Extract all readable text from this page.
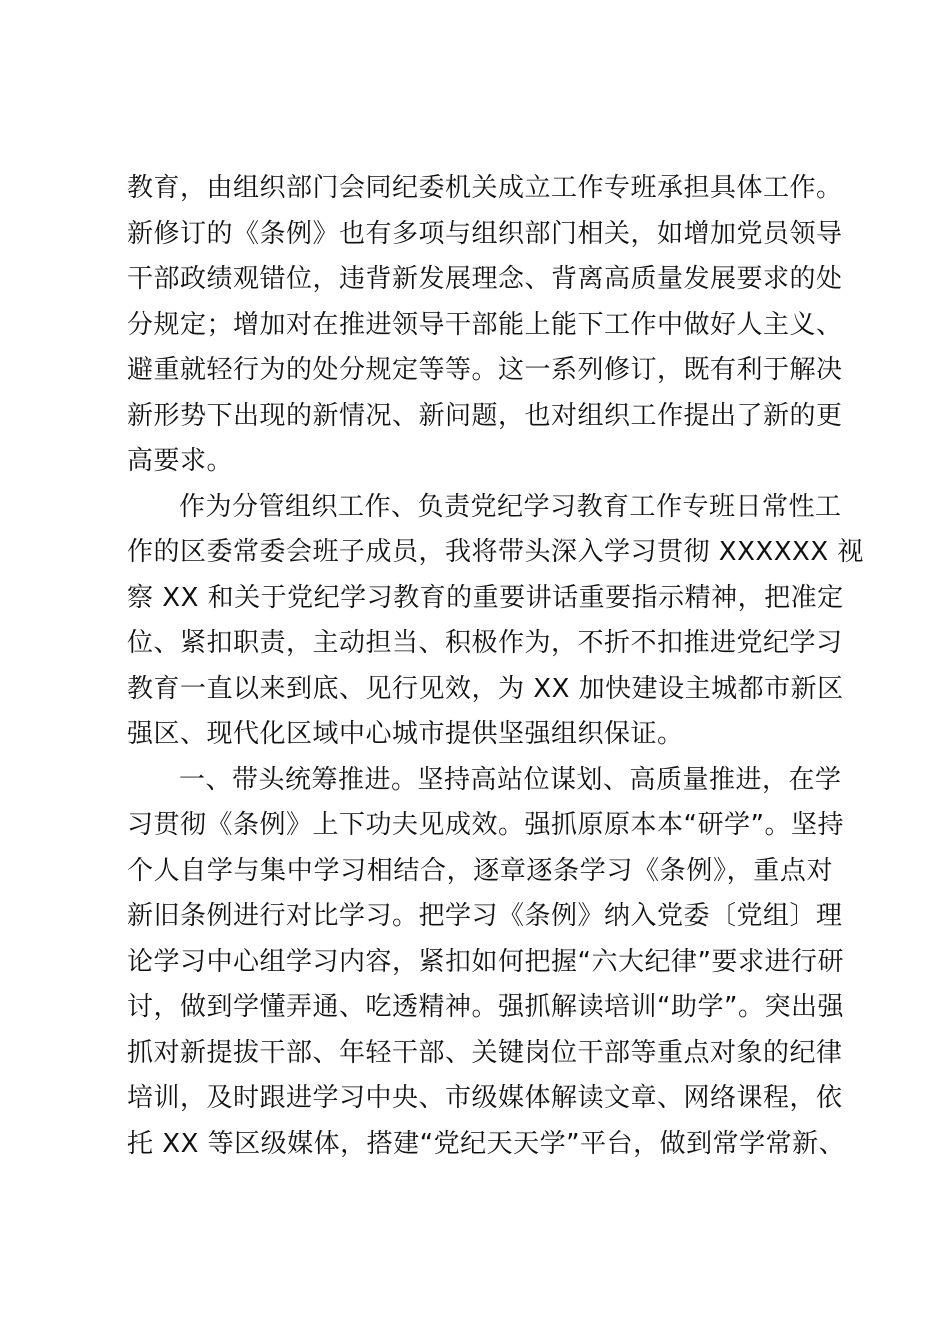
教育，由组织部门会同纪委机关成立工作专班承担具体工作。
新修订的《条例》也有多项与组织部门相关，如增加党员领导
干部政绩观错位，违背新发展理念、背离高质量发展要求的处
分规定；增加对在推进领导干部能上能下工作中做好人主义、
避重就轻行为的处分规定等等。这一系列修订，既有利于解决
新形势下出现的新情况、新问题，也对组织工作提出了新的更
高要求。

作为分管组织工作、负责党纪学习教育工作专班日常性工
作的区委常委会班子成员，我将带头深入学习贯彻 XXXXXX 视
察 XX 和关于党纪学习教育的重要讲话重要指示精神，把准定
位、紧扣职责，主动担当、积极作为，不折不扣推进党纪学习
教育一直以来到底、见行见效，为 XX 加快建设主城都市新区
强区、现代化区域中心城市提供坚强组织保证。

一、带头统筹推进。坚持高站位谋划、高质量推进，在学
习贯彻《条例》上下功夫见成效。强抓原原本本“研学”。坚持
个人自学与集中学习相结合，逐章逐条学习《条例》，重点对
新旧条例进行对比学习。把学习《条例》纳入党委〔党组〕理
论学习中心组学习内容，紧扣如何把握“六大纪律”要求进行研
讨，做到学懂弄通、吃透精神。强抓解读培训“助学”。突出强
抓对新提拔干部、年轻干部、关键岗位干部等重点对象的纪律
培训，及时跟进学习中央、市级媒体解读文章、网络课程，依
托 XX 等区级媒体，搭建“党纪天天学”平台，做到常学常新、
